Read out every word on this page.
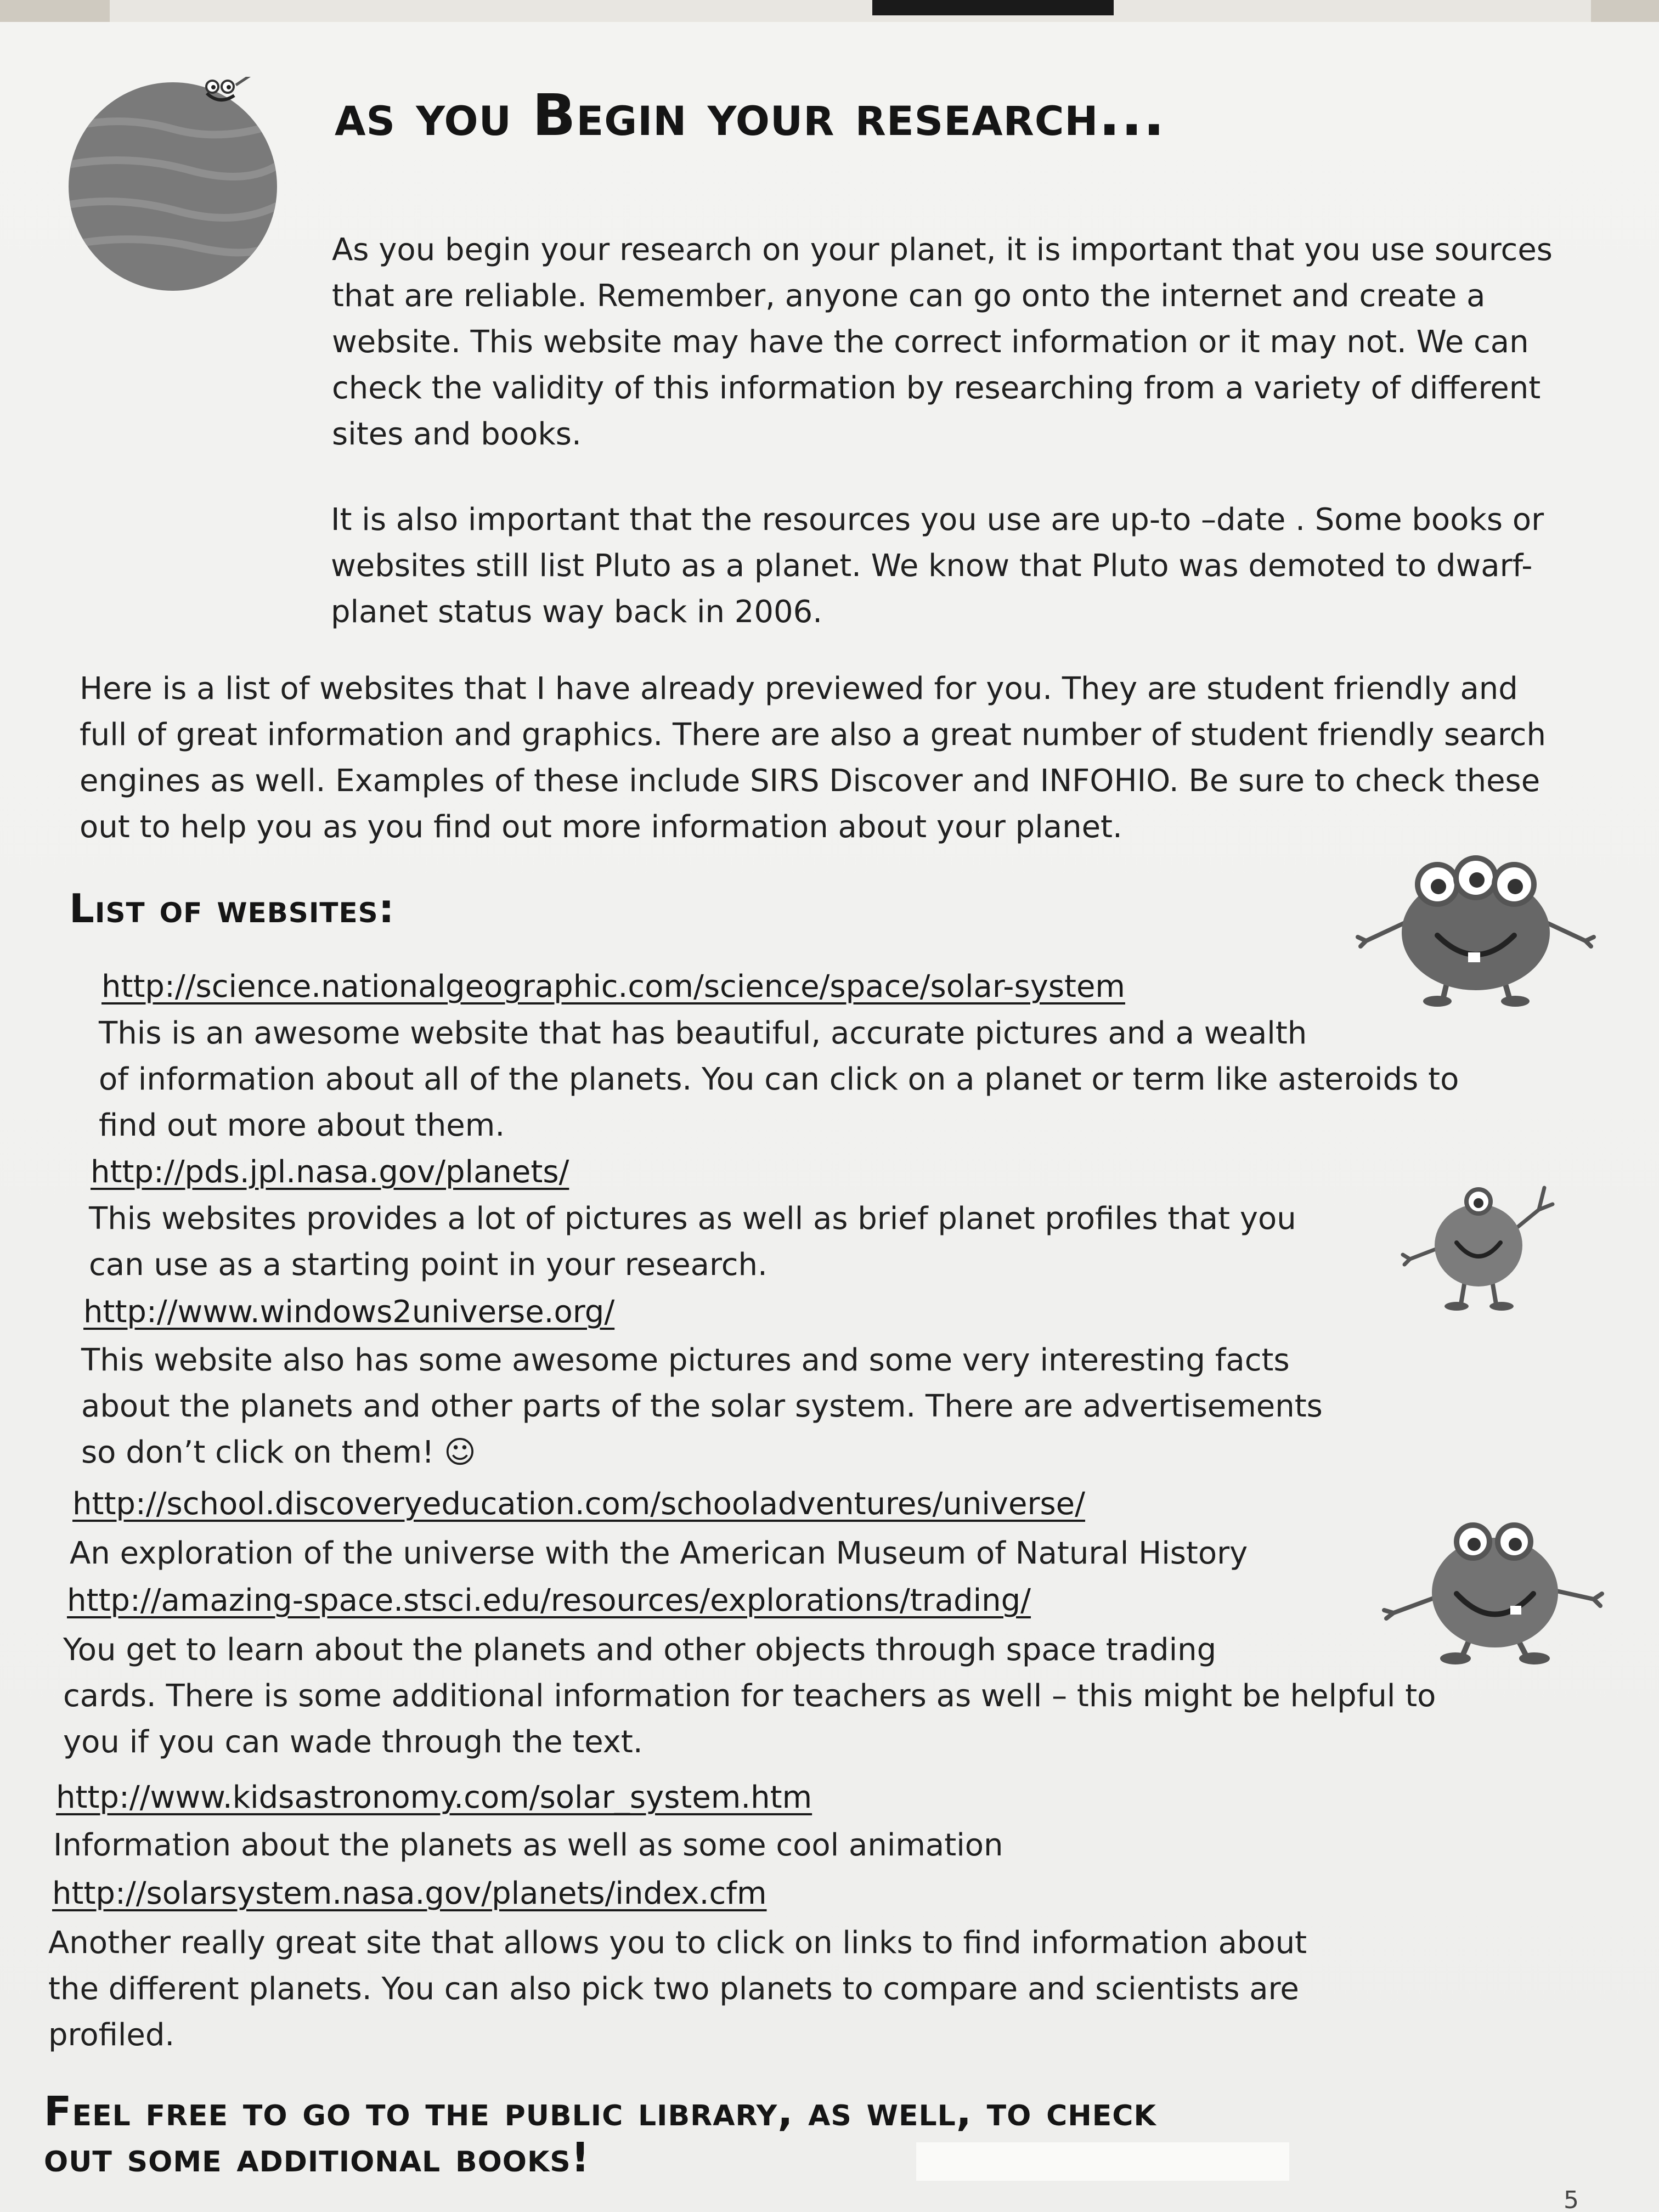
as you Begin your research...
As you begin your research on your planet, it is important that you use sources
that are reliable. Remember, anyone can go onto the internet and create a
website. This website may have the correct information or it may not. We can
check the validity of this information by researching from a variety of different
sites and books.
It is also important that the resources you use are up-to –date . Some books or
websites still list Pluto as a planet. We know that Pluto was demoted to dwarf-
planet status way back in 2006.
Here is a list of websites that I have already previewed for you. They are student friendly and
full of great information and graphics. There are also a great number of student friendly search
engines as well. Examples of these include SIRS Discover and INFOHIO. Be sure to check these
out to help you as you find out more information about your planet.
List of websites:
http://science.nationalgeographic.com/science/space/solar-system
This is an awesome website that has beautiful, accurate pictures and a wealth
of information about all of the planets. You can click on a planet or term like asteroids to
find out more about them.
http://pds.jpl.nasa.gov/planets/
This websites provides a lot of pictures as well as brief planet profiles that you
can use as a starting point in your research.
http://www.windows2universe.org/
This website also has some awesome pictures and some very interesting facts
about the planets and other parts of the solar system. There are advertisements
so don’t click on them! ☺
http://school.discoveryeducation.com/schooladventures/universe/
An exploration of the universe with the American Museum of Natural History
http://amazing-space.stsci.edu/resources/explorations/trading/
You get to learn about the planets and other objects through space trading
cards. There is some additional information for teachers as well – this might be helpful to
you if you can wade through the text.
http://www.kidsastronomy.com/solar_system.htm
Information about the planets as well as some cool animation
http://solarsystem.nasa.gov/planets/index.cfm
Another really great site that allows you to click on links to find information about
the different planets. You can also pick two planets to compare and scientists are
profiled.
Feel free to go to the public library, as well, to check
out some additional books!
5
